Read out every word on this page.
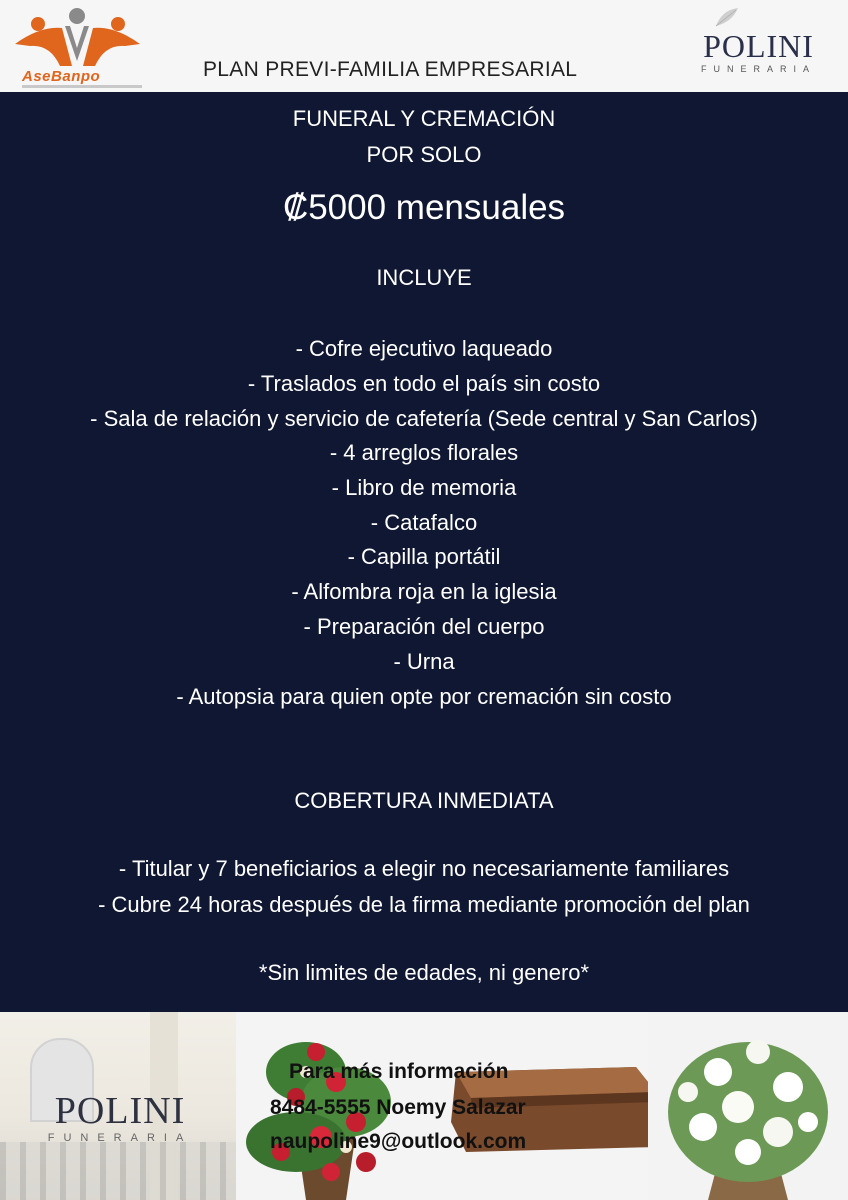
AseBanpo	PLAN PREVI-FAMILIA EMPRESARIAL
POLINI
FUNERARIA
FUNERAL Y CREMACIÓN
POR SOLO
₡5000 mensuales
INCLUYE
- Cofre ejecutivo laqueado
- Traslados en todo el país sin costo
- Sala de relación y servicio de cafetería (Sede central y San Carlos)
- 4 arreglos florales
- Libro de memoria
- Catafalco
- Capilla portátil
- Alfombra roja en la iglesia
- Preparación del cuerpo
- Urna
- Autopsia para quien opte por cremación sin costo
COBERTURA INMEDIATA
- Titular y 7 beneficiarios a elegir no necesariamente familiares
- Cubre 24 horas después de la firma mediante promoción del plan
*Sin limites de edades, ni genero*
POLINI
FUNERARIA
Para más información
8484-5555 Noemy Salazar
naupoline9@outlook.com
